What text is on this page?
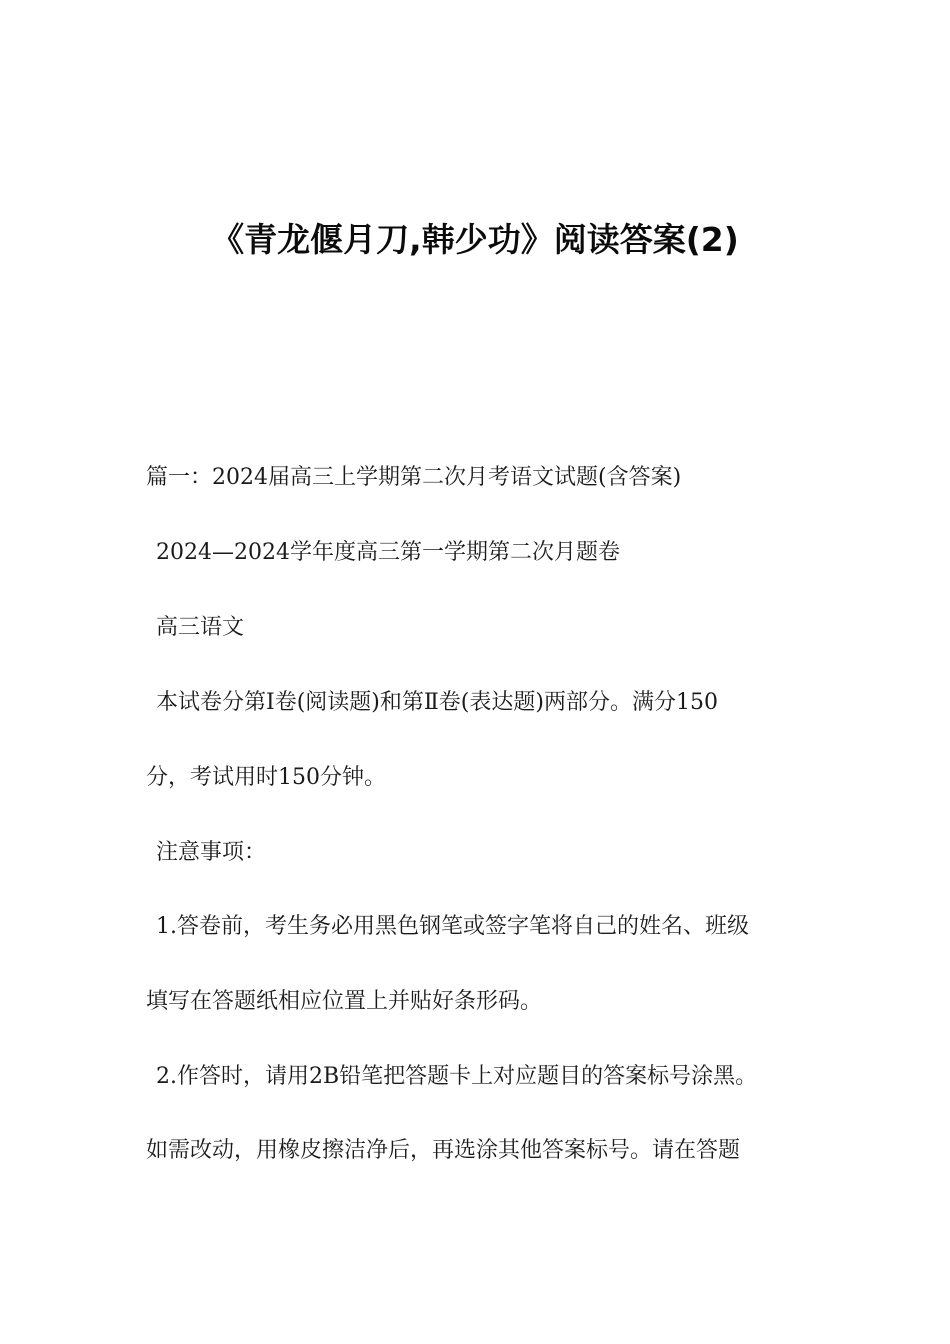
《青龙偃月刀,韩少功》阅读答案(2)

篇一：2024届高三上学期第二次月考语文试题(含答案)

2024—2024学年度高三第一学期第二次月题卷

高三语文

本试卷分第Ⅰ卷(阅读题)和第Ⅱ卷(表达题)两部分。满分150

分，考试用时150分钟。

注意事项：

1.答卷前，考生务必用黑色钢笔或签字笔将自己的姓名、班级

填写在答题纸相应位置上并贴好条形码。

2.作答时，请用2B铅笔把答题卡上对应题目的答案标号涂黑。

如需改动，用橡皮擦洁净后，再选涂其他答案标号。请在答题
